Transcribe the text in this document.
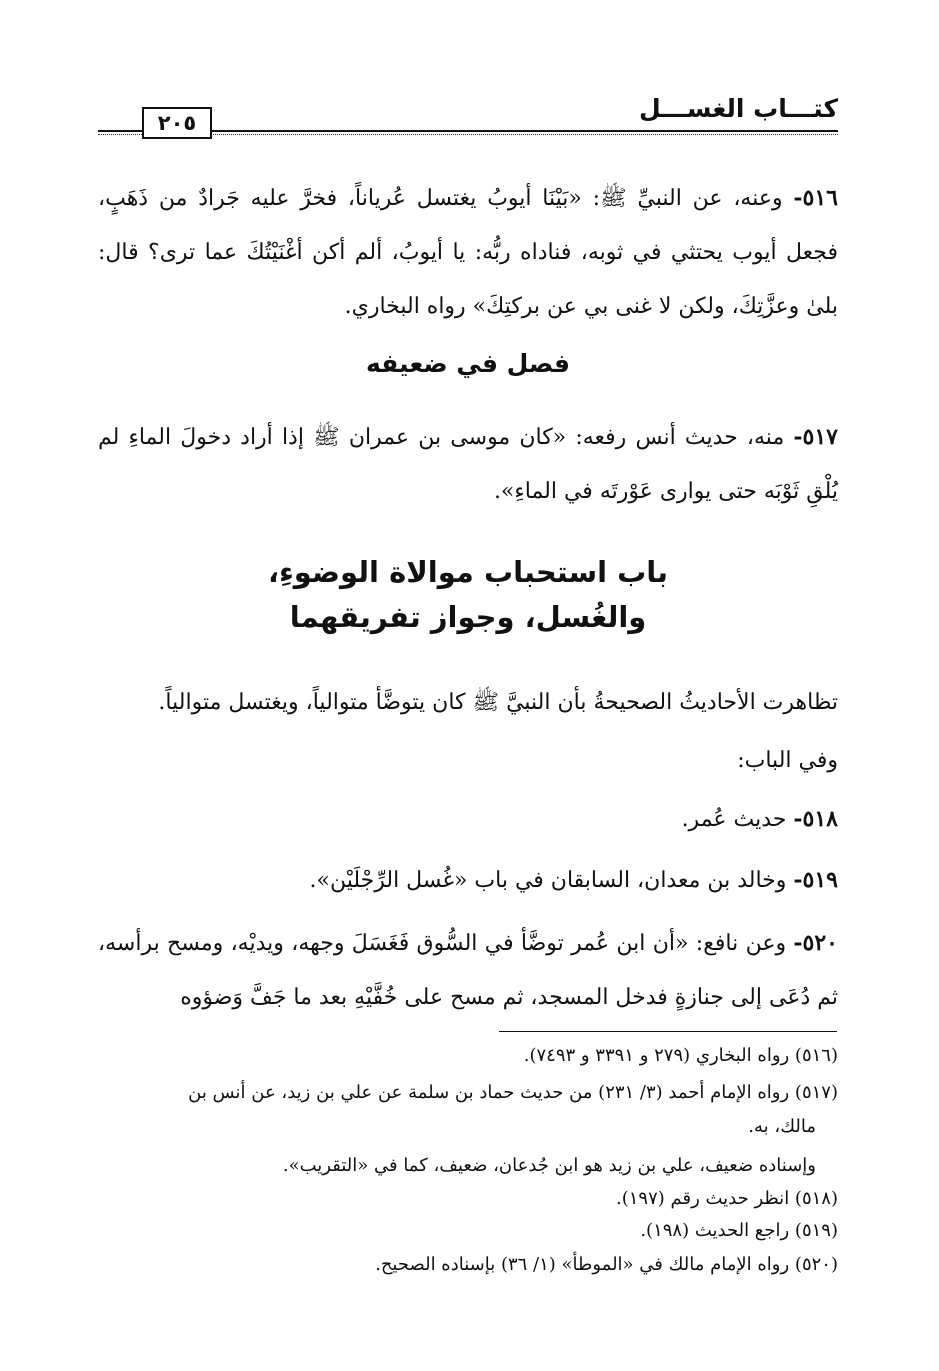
كتـــاب الغســـل
٢٠٥
٥١٦- وعنه، عن النبيِّ ﷺ: «بَيْنَا أيوبُ يغتسل عُرياناً، فخرَّ عليه جَرادٌ من ذَهَبٍ، فجعل أيوب يحتثي في ثوبه، فناداه ربُّه: يا أيوبُ، ألم أكن أغْنَيْتُكَ عما ترى؟ قال: بلىٰ وعزَّتِكَ، ولكن لا غنى بي عن بركتِكَ» رواه البخاري.
فصل في ضعيفه
٥١٧- منه، حديث أنس رفعه: «كان موسى بن عمران ﷺ إذا أراد دخولَ الماءِ لم يُلْقِ ثَوْبَه حتى يوارى عَوْرتَه في الماءِ».
باب استحباب موالاة الوضوءِ،
والغُسل، وجواز تفريقهما
تظاهرت الأحاديثُ الصحيحةُ بأن النبيَّ ﷺ كان يتوضَّأ متوالياً، ويغتسل متوالياً.
وفي الباب:
٥١٨- حديث عُمر.
٥١٩- وخالد بن معدان، السابقان في باب «غُسل الرِّجْلَيْن».
٥٢٠- وعن نافع: «أن ابن عُمر توضَّأ في السُّوق فَغَسَلَ وجهه، ويديْه، ومسح برأسه، ثم دُعَى إلى جنازةٍ فدخل المسجد، ثم مسح على خُفَّيْهِ بعد ما جَفَّ وَضؤوه
(٥١٦) رواه البخاري (٢٧٩ و ٣٣٩١ و ٧٤٩٣).
(٥١٧) رواه الإمام أحمد (٣/ ٢٣١) من حديث حماد بن سلمة عن علي بن زيد، عن أنس بن
مالك، به.
وإسناده ضعيف، علي بن زيد هو ابن جُدعان، ضعيف، كما في «التقريب».
(٥١٨) انظر حديث رقم (١٩٧).
(٥١٩) راجع الحديث (١٩٨).
(٥٢٠) رواه الإمام مالك في «الموطأ» (١/ ٣٦) بإسناده الصحيح.
